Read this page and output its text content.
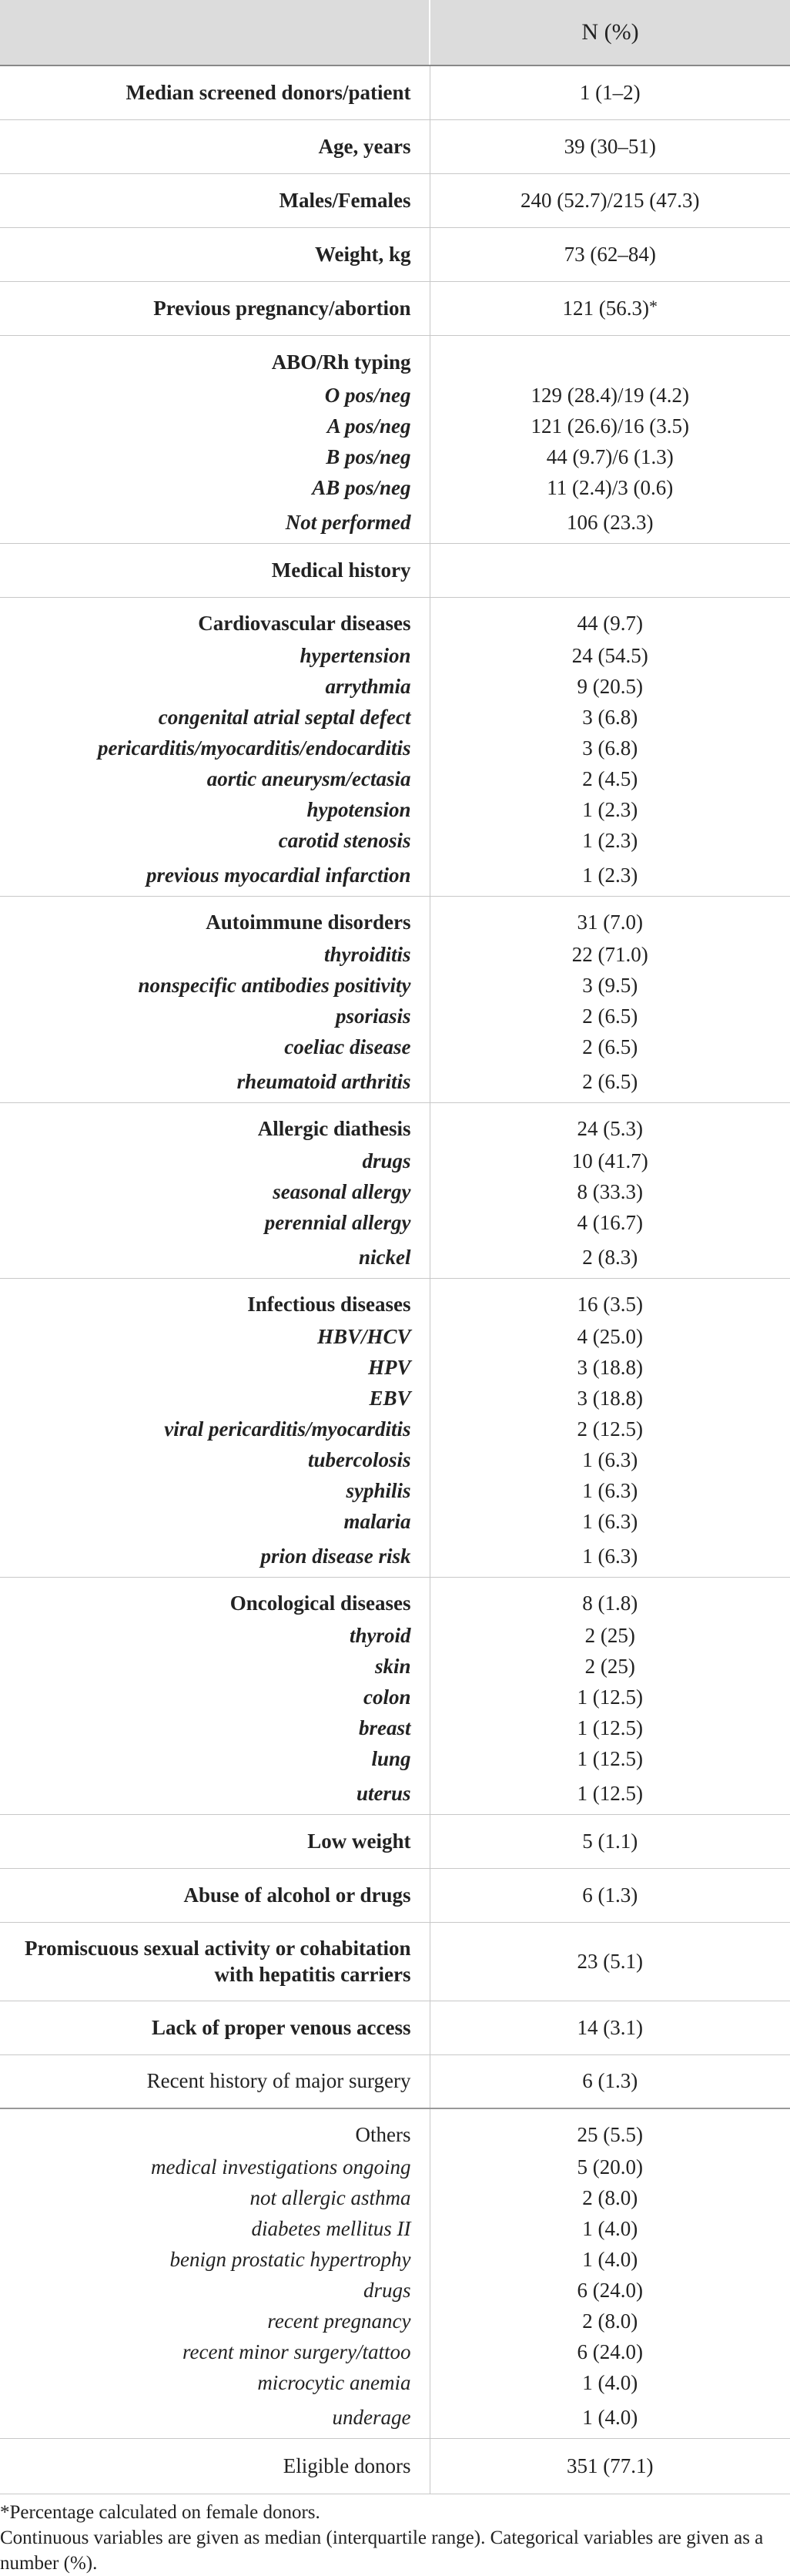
	N (%)
Median screened donors/patient	1 (1–2)
Age, years	39 (30–51)
Males/Females	240 (52.7)/215 (47.3)
Weight, kg	73 (62–84)
Previous pregnancy/abortion	121 (56.3)*
ABO/Rh typing	
O pos/neg	129 (28.4)/19 (4.2)
A pos/neg	121 (26.6)/16 (3.5)
B pos/neg	44 (9.7)/6 (1.3)
AB pos/neg	11 (2.4)/3 (0.6)
Not performed	106 (23.3)
Medical history	
Cardiovascular diseases	44 (9.7)
hypertension	24 (54.5)
arrythmia	9 (20.5)
congenital atrial septal defect	3 (6.8)
pericarditis/myocarditis/endocarditis	3 (6.8)
aortic aneurysm/ectasia	2 (4.5)
hypotension	1 (2.3)
carotid stenosis	1 (2.3)
previous myocardial infarction	1 (2.3)
Autoimmune disorders	31 (7.0)
thyroiditis	22 (71.0)
nonspecific antibodies positivity	3 (9.5)
psoriasis	2 (6.5)
coeliac disease	2 (6.5)
rheumatoid arthritis	2 (6.5)
Allergic diathesis	24 (5.3)
drugs	10 (41.7)
seasonal allergy	8 (33.3)
perennial allergy	4 (16.7)
nickel	2 (8.3)
Infectious diseases	16 (3.5)
HBV/HCV	4 (25.0)
HPV	3 (18.8)
EBV	3 (18.8)
viral pericarditis/myocarditis	2 (12.5)
tubercolosis	1 (6.3)
syphilis	1 (6.3)
malaria	1 (6.3)
prion disease risk	1 (6.3)
Oncological diseases	8 (1.8)
thyroid	2 (25)
skin	2 (25)
colon	1 (12.5)
breast	1 (12.5)
lung	1 (12.5)
uterus	1 (12.5)
Low weight	5 (1.1)
Abuse of alcohol or drugs	6 (1.3)
Promiscuous sexual activity or cohabitation with hepatitis carriers	23 (5.1)
Lack of proper venous access	14 (3.1)
Recent history of major surgery	6 (1.3)
Others	25 (5.5)
medical investigations ongoing	5 (20.0)
not allergic asthma	2 (8.0)
diabetes mellitus II	1 (4.0)
benign prostatic hypertrophy	1 (4.0)
drugs	6 (24.0)
recent pregnancy	2 (8.0)
recent minor surgery/tattoo	6 (24.0)
microcytic anemia	1 (4.0)
underage	1 (4.0)
Eligible donors	351 (77.1)

*Percentage calculated on female donors.

Continuous variables are given as median (interquartile range). Categorical variables are given as a number (%).
